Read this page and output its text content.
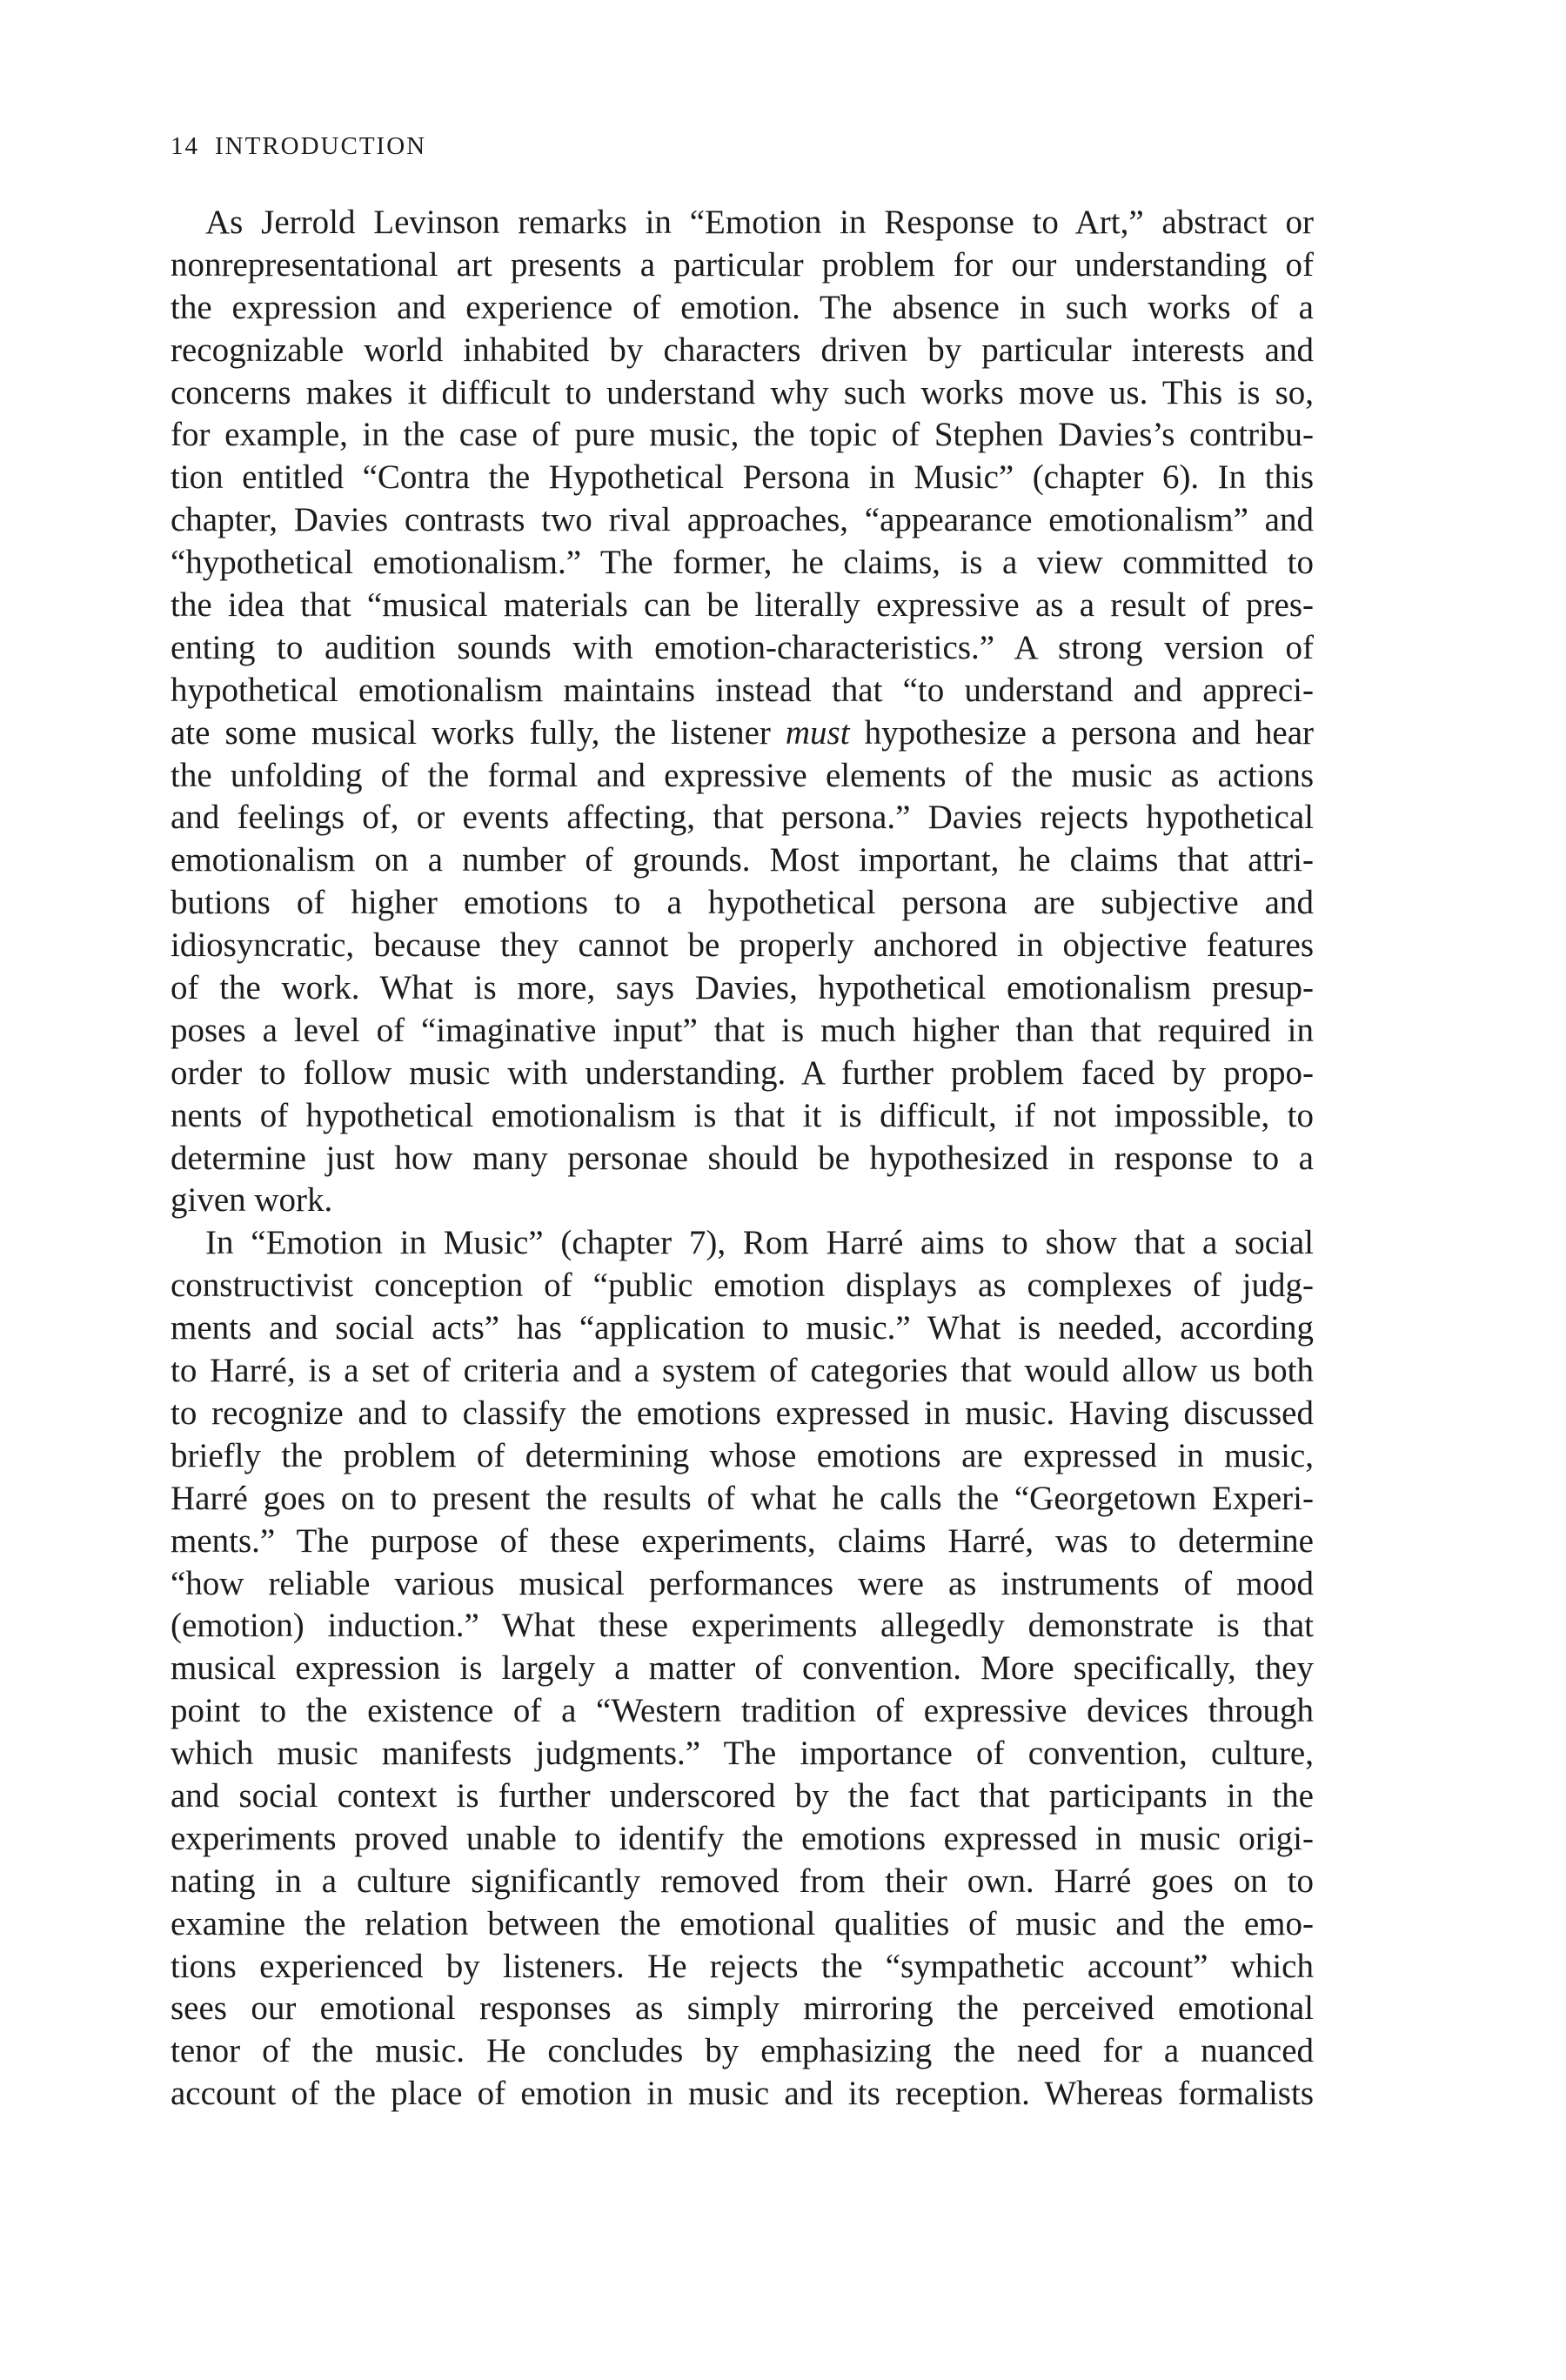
14 INTRODUCTION
As Jerrold Levinson remarks in “Emotion in Response to Art,” abstract or
nonrepresentational art presents a particular problem for our understanding of
the expression and experience of emotion. The absence in such works of a
recognizable world inhabited by characters driven by particular interests and
concerns makes it difficult to understand why such works move us. This is so,
for example, in the case of pure music, the topic of Stephen Davies’s contribu-
tion entitled “Contra the Hypothetical Persona in Music” (chapter 6). In this
chapter, Davies contrasts two rival approaches, “appearance emotionalism” and
“hypothetical emotionalism.” The former, he claims, is a view committed to
the idea that “musical materials can be literally expressive as a result of pres-
enting to audition sounds with emotion-characteristics.” A strong version of
hypothetical emotionalism maintains instead that “to understand and appreci-
ate some musical works fully, the listener must hypothesize a persona and hear
the unfolding of the formal and expressive elements of the music as actions
and feelings of, or events affecting, that persona.” Davies rejects hypothetical
emotionalism on a number of grounds. Most important, he claims that attri-
butions of higher emotions to a hypothetical persona are subjective and
idiosyncratic, because they cannot be properly anchored in objective features
of the work. What is more, says Davies, hypothetical emotionalism presup-
poses a level of “imaginative input” that is much higher than that required in
order to follow music with understanding. A further problem faced by propo-
nents of hypothetical emotionalism is that it is difficult, if not impossible, to
determine just how many personae should be hypothesized in response to a
given work.
In “Emotion in Music” (chapter 7), Rom Harré aims to show that a social
constructivist conception of “public emotion displays as complexes of judg-
ments and social acts” has “application to music.” What is needed, according
to Harré, is a set of criteria and a system of categories that would allow us both
to recognize and to classify the emotions expressed in music. Having discussed
briefly the problem of determining whose emotions are expressed in music,
Harré goes on to present the results of what he calls the “Georgetown Experi-
ments.” The purpose of these experiments, claims Harré, was to determine
“how reliable various musical performances were as instruments of mood
(emotion) induction.” What these experiments allegedly demonstrate is that
musical expression is largely a matter of convention. More specifically, they
point to the existence of a “Western tradition of expressive devices through
which music manifests judgments.” The importance of convention, culture,
and social context is further underscored by the fact that participants in the
experiments proved unable to identify the emotions expressed in music origi-
nating in a culture significantly removed from their own. Harré goes on to
examine the relation between the emotional qualities of music and the emo-
tions experienced by listeners. He rejects the “sympathetic account” which
sees our emotional responses as simply mirroring the perceived emotional
tenor of the music. He concludes by emphasizing the need for a nuanced
account of the place of emotion in music and its reception. Whereas formalists
